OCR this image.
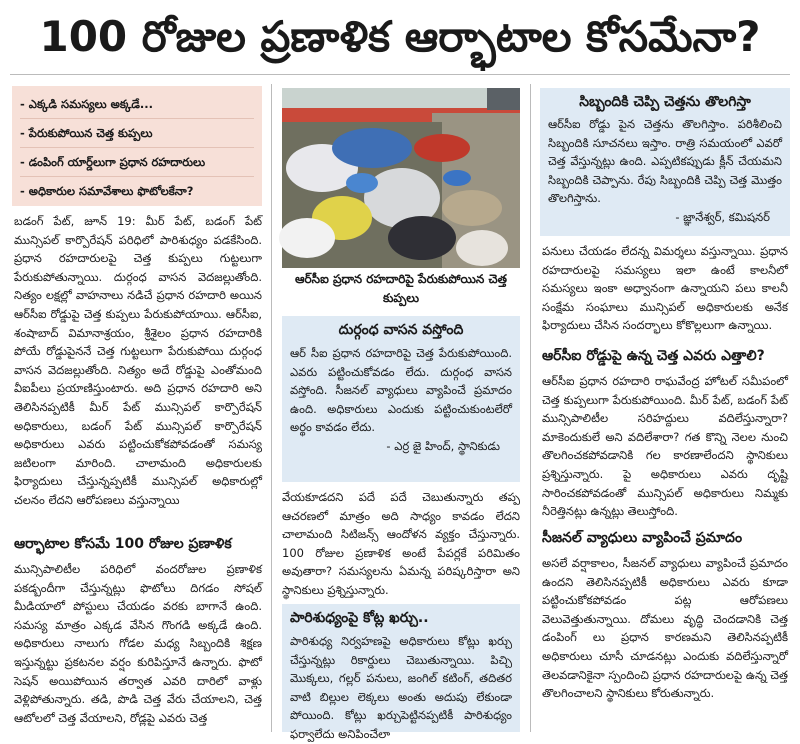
100 రోజుల ప్రణాళిక ఆర్భాటాల కోసమేనా?
- ఎక్కడి సమస్యలు అక్కడే...
- పేరుకుపోయిన చెత్త కుప్పలు
- డంపింగ్‌ యార్డ్‌లుగా ప్రధాన రహదారులు
- అధికారుల సమావేశాలు ఫొటోలకేనా?

బడంగ్‌ పేట్‌, జూన్‌ 19: మీర్‌ పేట్‌, బడంగ్‌ పేట్‌ మున్సిపల్‌ కార్పొరేషన్‌ పరిధిలో పారిశుధ్యం పడకేసింది. ప్రధాన రహదారులపై చెత్త కుప్పలు గుట్టలుగా పేరుకుపోతున్నాయి. దుర్గంధ వాసన వెదజల్లుతోంది. నిత్యం లక్షల్లో వాహనాలు నడిచే ప్రధాన రహదారి అయిన ఆర్‌సీఐ రోడ్డుపై చెత్త కుప్పలు పేరుకుపోయాయి. ఆర్‌సీఐ, శంషాబాద్‌ విమానాశ్రయం, శ్రీశైలం ప్రధాన రహదారికి పోయే రోడ్డుపైననే చెత్త గుట్టలుగా పేరుకుపోయి దుర్గంధ వాసన వెదజల్లుతోంది. నిత్యం అదే రోడ్డుపై ఎంతోమంది వీఐపీలు ప్రయాణిస్తుంటారు. అది ప్రధాన రహదారి అని తెలిసినప్పటికీ మీర్‌ పేట్‌ మున్సిపల్‌ కార్పొరేషన్‌ అధికారులు, బడంగ్‌ పేట్‌ మున్సిపల్‌ కార్పొరేషన్‌ అధికారులు ఎవరు పట్టించుకోకపోవడంతో సమస్య జటిలంగా మారింది. చాలామంది అధికారులకు ఫిర్యాదులు చేస్తున్నప్పటికీ మున్సిపల్‌ అధికారుల్లో చలనం లేదని ఆరోపణలు వస్తున్నాయి

ఆర్భాటాల కోసమే 100 రోజుల ప్రణాళిక

మున్సిపాలిటీల పరిధిలో వందరోజుల ప్రణాళిక పకడ్బందీగా చేస్తున్నట్లు ఫొటోలు దిగడం సోషల్‌ మీడియాలో పోస్టులు చేయడం వరకు బాగానే ఉంది. సమస్య మాత్రం ఎక్కడ వేసిన గొంగడి అక్కడే ఉంది. అధికారులు నాలుగు గోడల మధ్య సిబ్బందికి శిక్షణ ఇస్తున్నట్టు ప్రకటనల వర్షం కురిపిస్తూనే ఉన్నారు. ఫొటో సెషన్‌ అయిపోయిన తర్వాత ఎవరి దారిలో వాళ్లు వెళ్లిపోతున్నారు. తడి, పొడి చెత్త వేరు చేయాలని, చెత్త ఆటోలలో చెత్త వేయాలని, రోడ్లపై ఎవరు చెత్త

ఆర్‌సీఐ ప్రధాన రహదారిపై పేరుకుపోయిన చెత్త కుప్పలు

దుర్గంధ వాసన వస్తోంది

ఆర్‌ సీఐ ప్రధాన రహదారిపై చెత్త పేరుకుపోయింది. ఎవరు పట్టించుకోవడం లేదు. దుర్గంధ వాసన వస్తోంది. సీజనల్‌ వ్యాధులు వ్యాపించే ప్రమాదం ఉంది. అధికారులు ఎందుకు పట్టించుకుంటలేరో అర్థం కావడం లేదు.

- ఎర్ర జై హింద్‌, స్థానికుడు

వేయకూడదని పదే పదే చెబుతున్నారు తప్ప ఆచరణలో మాత్రం అది సాధ్యం కావడం లేదని చాలామంది సిటిజన్స్‌ ఆందోళన వ్యక్తం చేస్తున్నారు. 100 రోజుల ప్రణాళిక అంటే పేపర్లకే పరిమితం అవుతారా? సమస్యలను ఏమన్న పరిష్కరిస్తారా అని స్థానికులు ప్రశ్నిస్తున్నారు.

పారిశుధ్యంపై కోట్ల ఖర్చు..

పారిశుధ్య నిర్వహణపై అధికారులు కోట్లు ఖర్చు చేస్తున్నట్లు రికార్డులు చెబుతున్నాయి. పిచ్చి మొక్కలు, గల్లర్‌ పనులు, జంగిల్‌ కటింగ్‌, తదితర వాటి బిల్లుల లెక్కలు అంతు అదుపు లేకుండా పోయింది. కోట్లు ఖర్చుపెట్టినప్పటికీ పారిశుధ్యం ఫర్వాలేదు అనిపించేలా

సిబ్బందికి చెప్పి చెత్తను తొలగిస్తా

ఆర్‌సీఐ రోడ్డు పైన చెత్తను తొలగిస్తాం. పరిశీలించి సిబ్బందికి సూచనలు ఇస్తాం. రాత్రి సమయంలో ఎవరో చెత్త వేస్తున్నట్లు ఉంది. ఎప్పటికప్పుడు క్లీన్‌ చేయమని సిబ్బందికి చెప్పాను. రేపు సిబ్బందికి చెప్పి చెత్త మొత్తం తొలగిస్తాను.

- జ్ఞానేశ్వర్‌, కమిషనర్‌

పనులు చేయడం లేదన్న విమర్శలు వస్తున్నాయి. ప్రధాన రహదారులపై సమస్యలు ఇలా ఉంటే కాలనీలో సమస్యలు ఇంకా అధ్వానంగా ఉన్నాయని పలు కాలనీ సంక్షేమ సంఘాలు మున్సిపల్‌ అధికారులకు అనేక ఫిర్యాదులు చేసిన సందర్భాలు కోకొల్లలుగా ఉన్నాయి.

ఆర్‌సీఐ రోడ్డుపై ఉన్న చెత్త ఎవరు ఎత్తాలి?

ఆర్‌సీఐ ప్రధాన రహదారి రాఘవేంద్ర హోటల్‌ సమీపంలో చెత్త కుప్పలుగా పేరుకుపోయింది. మీర్‌ పేట్‌, బడంగ్‌ పేట్‌ మున్సిపాలిటీల సరిహద్దులు వదిలేస్తున్నారా? మాకెందుకులే అని వదిలేశారా? గత కొన్ని నెలల నుంచి తొలగించకపోవడానికి గల కారణాలేందని స్థానికులు ప్రశ్నిస్తున్నారు. పై అధికారులు ఎవరు దృష్టి సారించకపోవడంతో మున్సిపల్‌ అధికారులు నిమ్మకు నీరెత్తినట్లు ఉన్నట్లు తెలుస్తోంది.

సీజనల్‌ వ్యాధులు వ్యాపించే ప్రమాదం

అసలే వర్షాకాలం, సీజనల్‌ వ్యాధులు వ్యాపించే ప్రమాదం ఉందని తెలిసినప్పటికీ అధికారులు ఎవరు కూడా పట్టించుకోకపోవడం పట్ల ఆరోపణలు వెలువెత్తుతున్నాయి. దోమలు వృద్ధి చెందడానికి చెత్త డంపింగ్‌ లు ప్రధాన కారణమని తెలిసినప్పటికీ అధికారులు చూసీ చూడనట్లు ఎందుకు వదిలేస్తున్నారో తెలవడానికైనా స్పందించి ప్రధాన రహదారులపై ఉన్న చెత్త తొలగించాలని స్థానికులు కోరుతున్నారు.
